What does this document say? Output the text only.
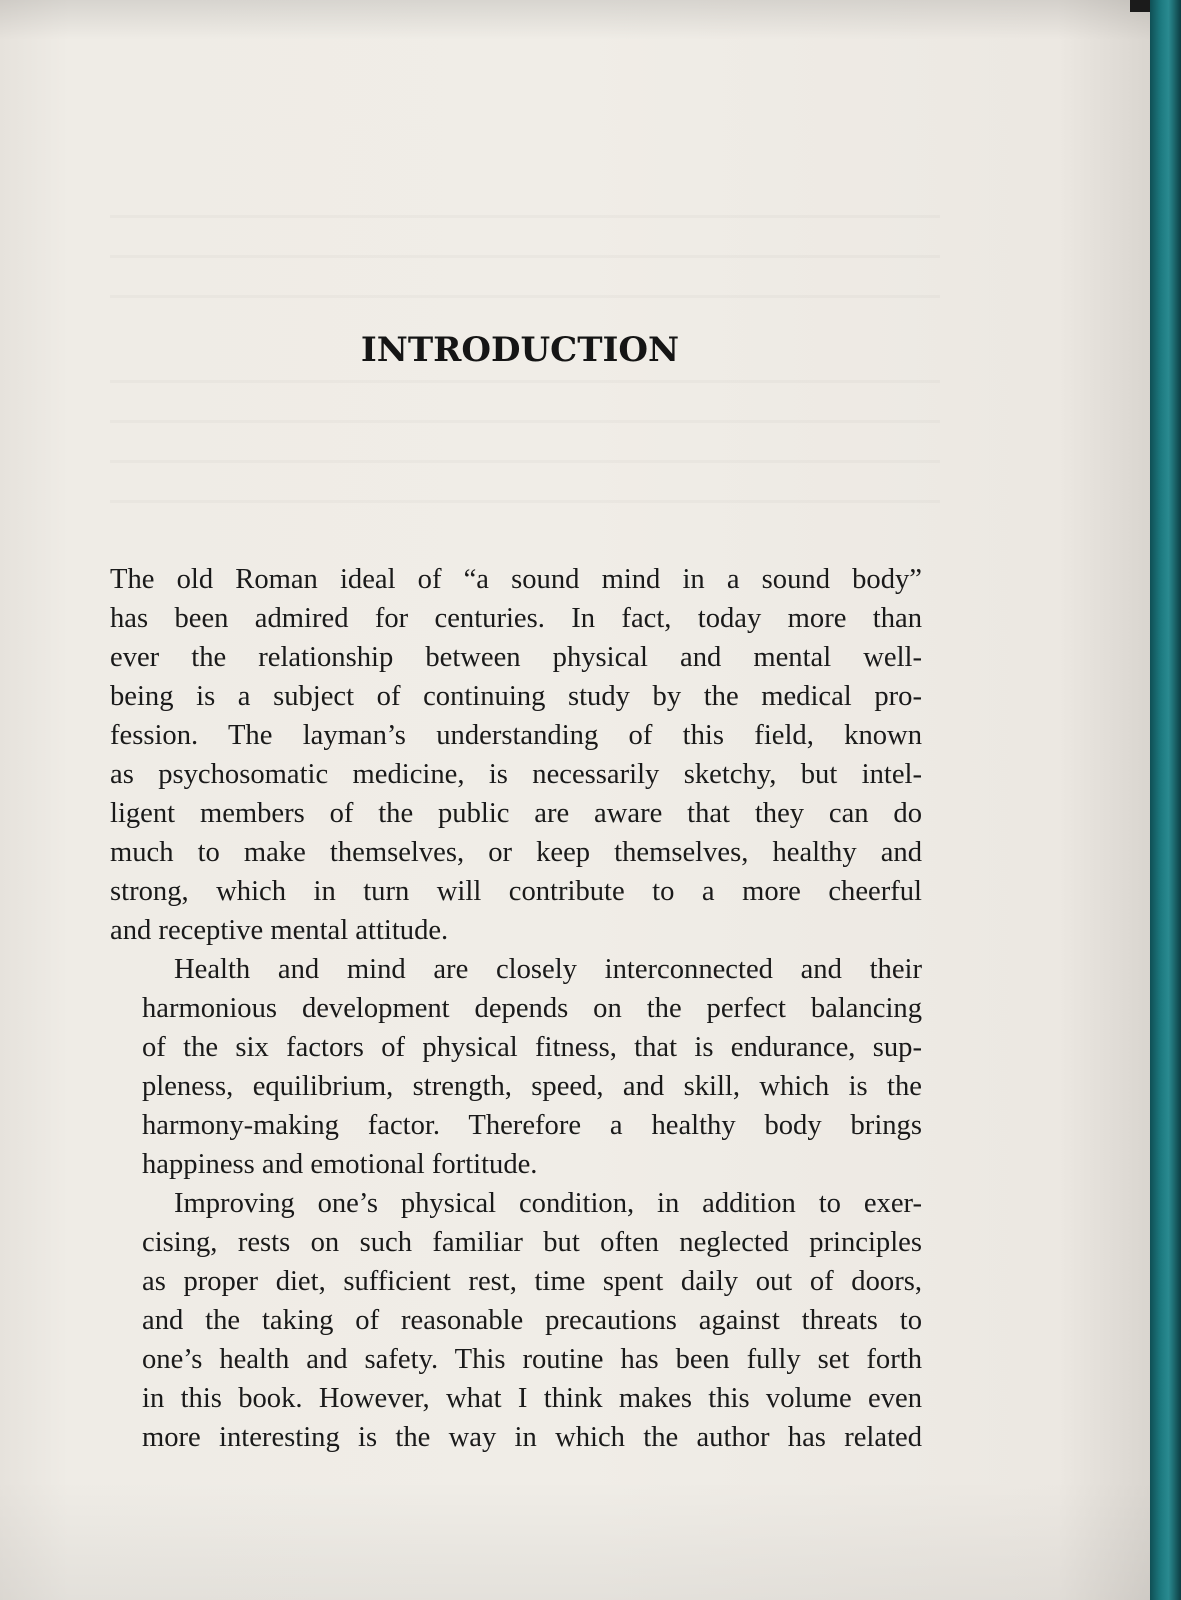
INTRODUCTION
The old Roman ideal of “a sound mind in a sound body”
has been admired for centuries. In fact, today more than
ever the relationship between physical and mental well-
being is a subject of continuing study by the medical pro-
fession. The layman’s understanding of this field, known
as psychosomatic medicine, is necessarily sketchy, but intel-
ligent members of the public are aware that they can do
much to make themselves, or keep themselves, healthy and
strong, which in turn will contribute to a more cheerful
and receptive mental attitude.
Health and mind are closely interconnected and their
harmonious development depends on the perfect balancing
of the six factors of physical fitness, that is endurance, sup-
pleness, equilibrium, strength, speed, and skill, which is the
harmony-making factor. Therefore a healthy body brings
happiness and emotional fortitude.
Improving one’s physical condition, in addition to exer-
cising, rests on such familiar but often neglected principles
as proper diet, sufficient rest, time spent daily out of doors,
and the taking of reasonable precautions against threats to
one’s health and safety. This routine has been fully set forth
in this book. However, what I think makes this volume even
more interesting is the way in which the author has related
